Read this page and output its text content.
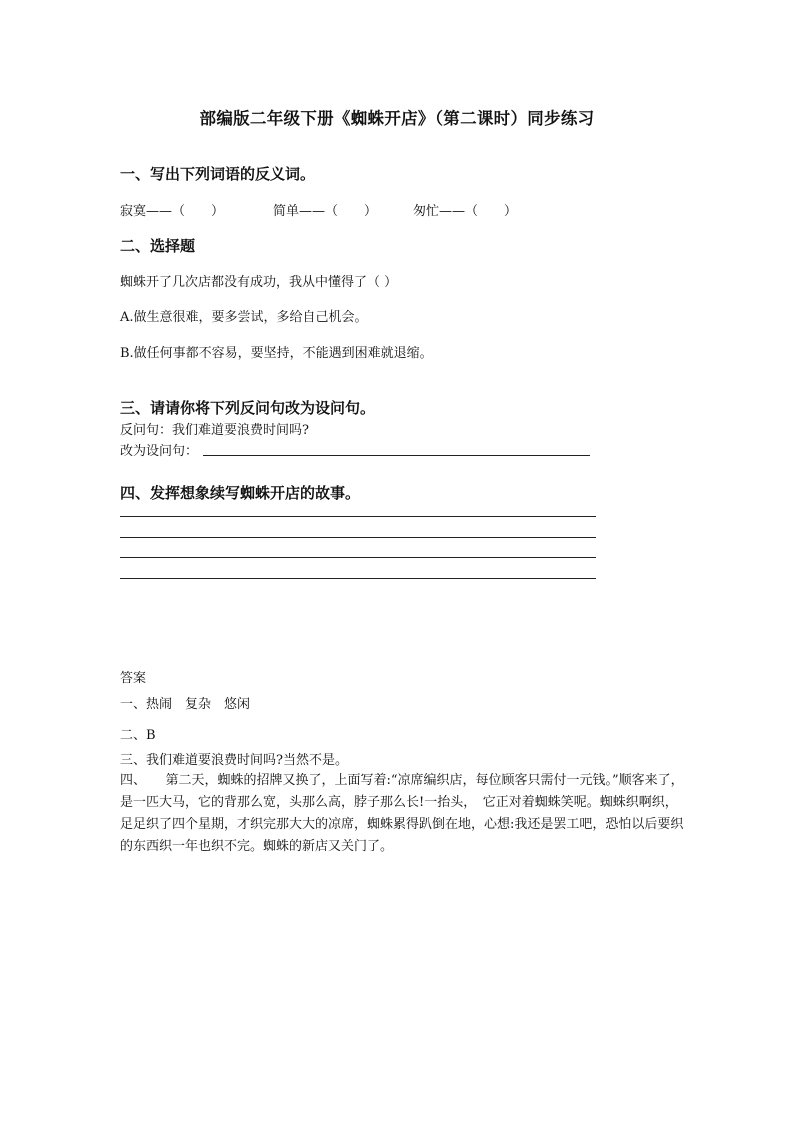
部编版二年级下册《蜘蛛开店》（第二课时）同步练习
一、写出下列词语的反义词。
寂寞——（　　）	简单——（　　）	匆忙——（　　）
二、选择题
蜘蛛开了几次店都没有成功，我从中懂得了（ ）
A.做生意很难，要多尝试，多给自己机会。
B.做任何事都不容易，要坚持，不能遇到困难就退缩。
三、请请你将下列反问句改为设问句。
反问句：我们难道要浪费时间吗?
改为设问句：
四、发挥想象续写蜘蛛开店的故事。
答案
一、热闹　复杂　悠闲
二、B
三、我们难道要浪费时间吗?当然不是。
四、　　第二天，蜘蛛的招牌又换了，上面写着:“凉席编织店，每位顾客只需付一元钱。”顺客来了，是一匹大马，它的背那么宽，头那么高，脖子那么长!一抬头，　它正对着蜘蛛笑呢。蜘蛛织啊织，足足织了四个星期，才织完那大大的凉席，蜘蛛累得趴倒在地，心想:我还是罢工吧，恐怕以后要织的东西织一年也织不完。蜘蛛的新店又关门了。
